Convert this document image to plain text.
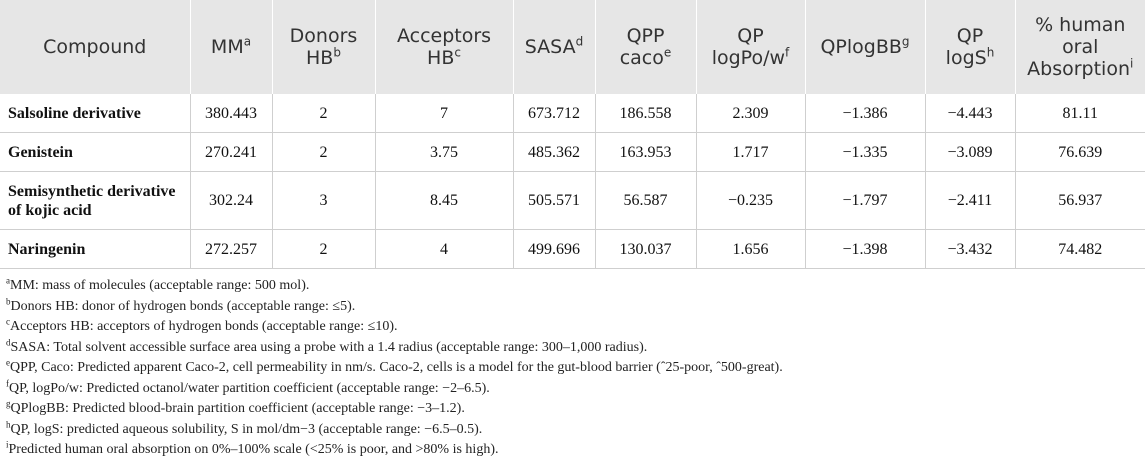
Compound	$MM^a$	Donors $HB^b$	Acceptors $HB^c$	SASA$^d$	QPP caco$^e$	QP logPo/$w^f$	QPlogBB$^g$	QP logS$^h$	% human oral Absorption$^i$
Salsoline derivative	380.443	2	7	673.712	186.558	2.309	−1.386	−4.443	81.11
Genistein	270.241	2	3.75	485.362	163.953	1.717	−1.335	−3.089	76.639
Semisynthetic derivative of kojic acid	302.24	3	8.45	505.571	56.587	−0.235	−1.797	−2.411	56.937
Naringenin	272.257	2	4	499.696	130.037	1.656	−1.398	−3.432	74.482
$^a$MM: mass of molecules (acceptable range: 500 mol).
$^b$Donors HB: donor of hydrogen bonds (acceptable range: ≤5).
$^c$Acceptors HB: acceptors of hydrogen bonds (acceptable range: ≤10).
$^d$SASA: Total solvent accessible surface area using a probe with a 1.4 radius (acceptable range: 300–1,000 radius).
$^e$QPP, Caco: Predicted apparent Caco-2, cell permeability in nm/s. Caco-2, cells is a model for the gut-blood barrier (ˆ25-poor, ˆ500-great).
$^f$QP, logPo/w: Predicted octanol/water partition coefficient (acceptable range: −2–6.5).
$^g$QPlogBB: Predicted blood-brain partition coefficient (acceptable range: −3–1.2).
$^h$QP, logS: predicted aqueous solubility, S in mol/dm−3 (acceptable range: −6.5–0.5).
$^i$Predicted human oral absorption on 0%–100% scale (<25% is poor, and >80% is high).
